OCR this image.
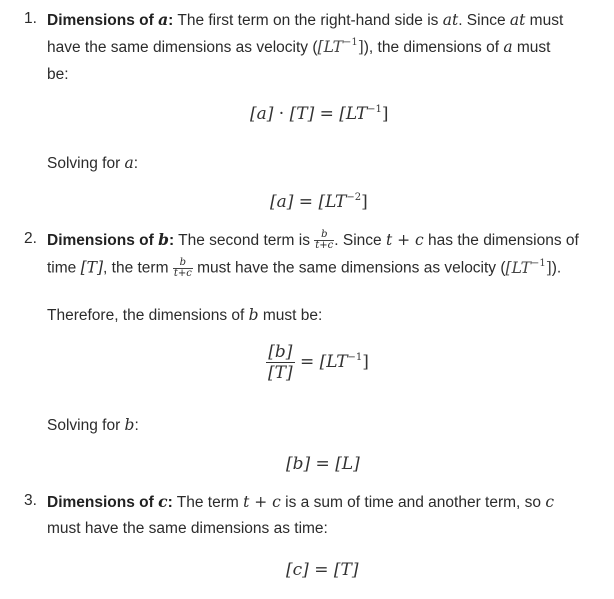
1. Dimensions of a: The first term on the right-hand side is at. Since at must
have the same dimensions as velocity $([LT^{-1}])$, the dimensions of a must
be:
$[a] \cdot [T] = [LT^{-1}]$
Solving for a:
$[a] = [LT^{-2}]$
2. Dimensions of b: The second term is $\frac{b}{t+c}$ . Since t + c has the dimensions of
time [T], the term $\frac{b}{t+c}$ must have the same dimensions as velocity $([LT^{-1}])$.
Therefore, the dimensions of b must be:
$\frac{[b]}{[T]} = [LT^{-1}]$
Solving for b:
[b] = [L]
3. Dimensions of c: The term t + c is a sum of time and another term, so c
must have the same dimensions as time:
[c] = [T]
